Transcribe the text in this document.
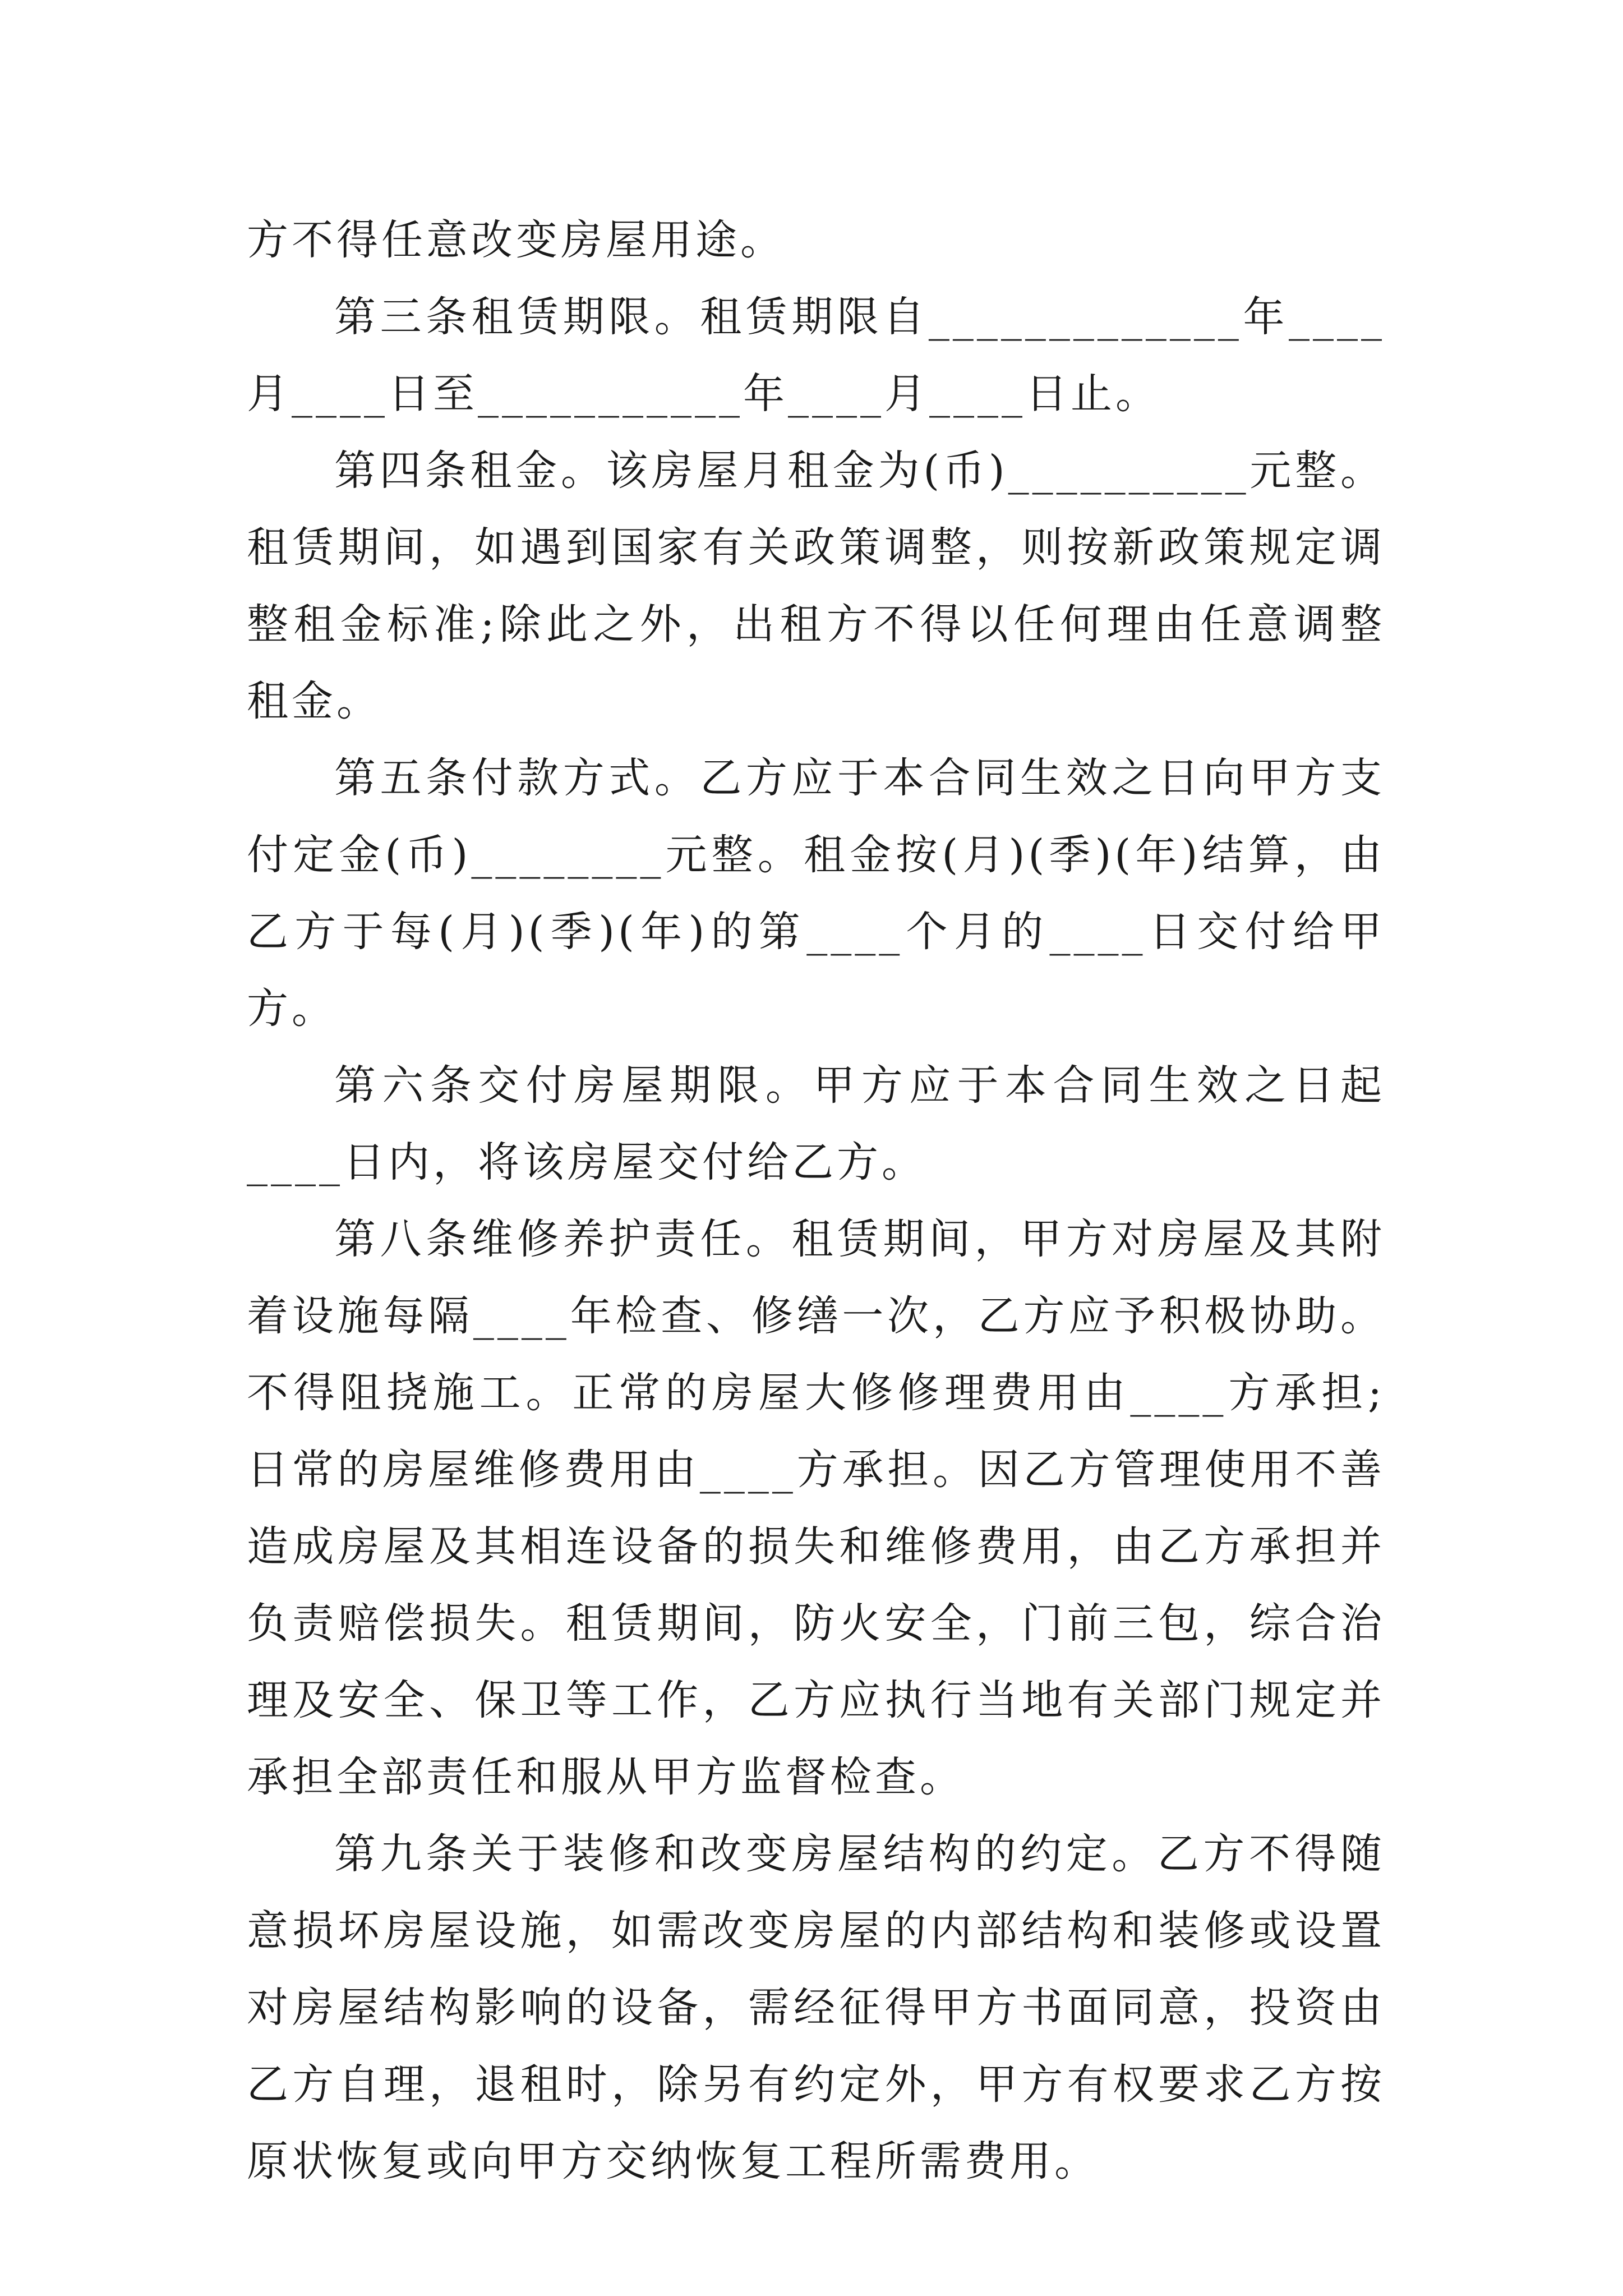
方不得任意改变房屋用途。

第三条租赁期限。租赁期限自_____________年____月____日至___________年____月____日止。

第四条租金。该房屋月租金为(币)__________元整。租赁期间，如遇到国家有关政策调整，则按新政策规定调整租金标准;除此之外，出租方不得以任何理由任意调整租金。

第五条付款方式。乙方应于本合同生效之日向甲方支付定金(币)________元整。租金按(月)(季)(年)结算，由乙方于每(月)(季)(年)的第____个月的____日交付给甲方。

第六条交付房屋期限。甲方应于本合同生效之日起____日内，将该房屋交付给乙方。

第八条维修养护责任。租赁期间，甲方对房屋及其附着设施每隔____年检查、修缮一次，乙方应予积极协助。不得阻挠施工。正常的房屋大修修理费用由____方承担;日常的房屋维修费用由____方承担。因乙方管理使用不善造成房屋及其相连设备的损失和维修费用，由乙方承担并负责赔偿损失。租赁期间，防火安全，门前三包，综合治理及安全、保卫等工作，乙方应执行当地有关部门规定并承担全部责任和服从甲方监督检查。

第九条关于装修和改变房屋结构的约定。乙方不得随意损坏房屋设施，如需改变房屋的内部结构和装修或设置对房屋结构影响的设备，需经征得甲方书面同意，投资由乙方自理，退租时，除另有约定外，甲方有权要求乙方按原状恢复或向甲方交纳恢复工程所需费用。
